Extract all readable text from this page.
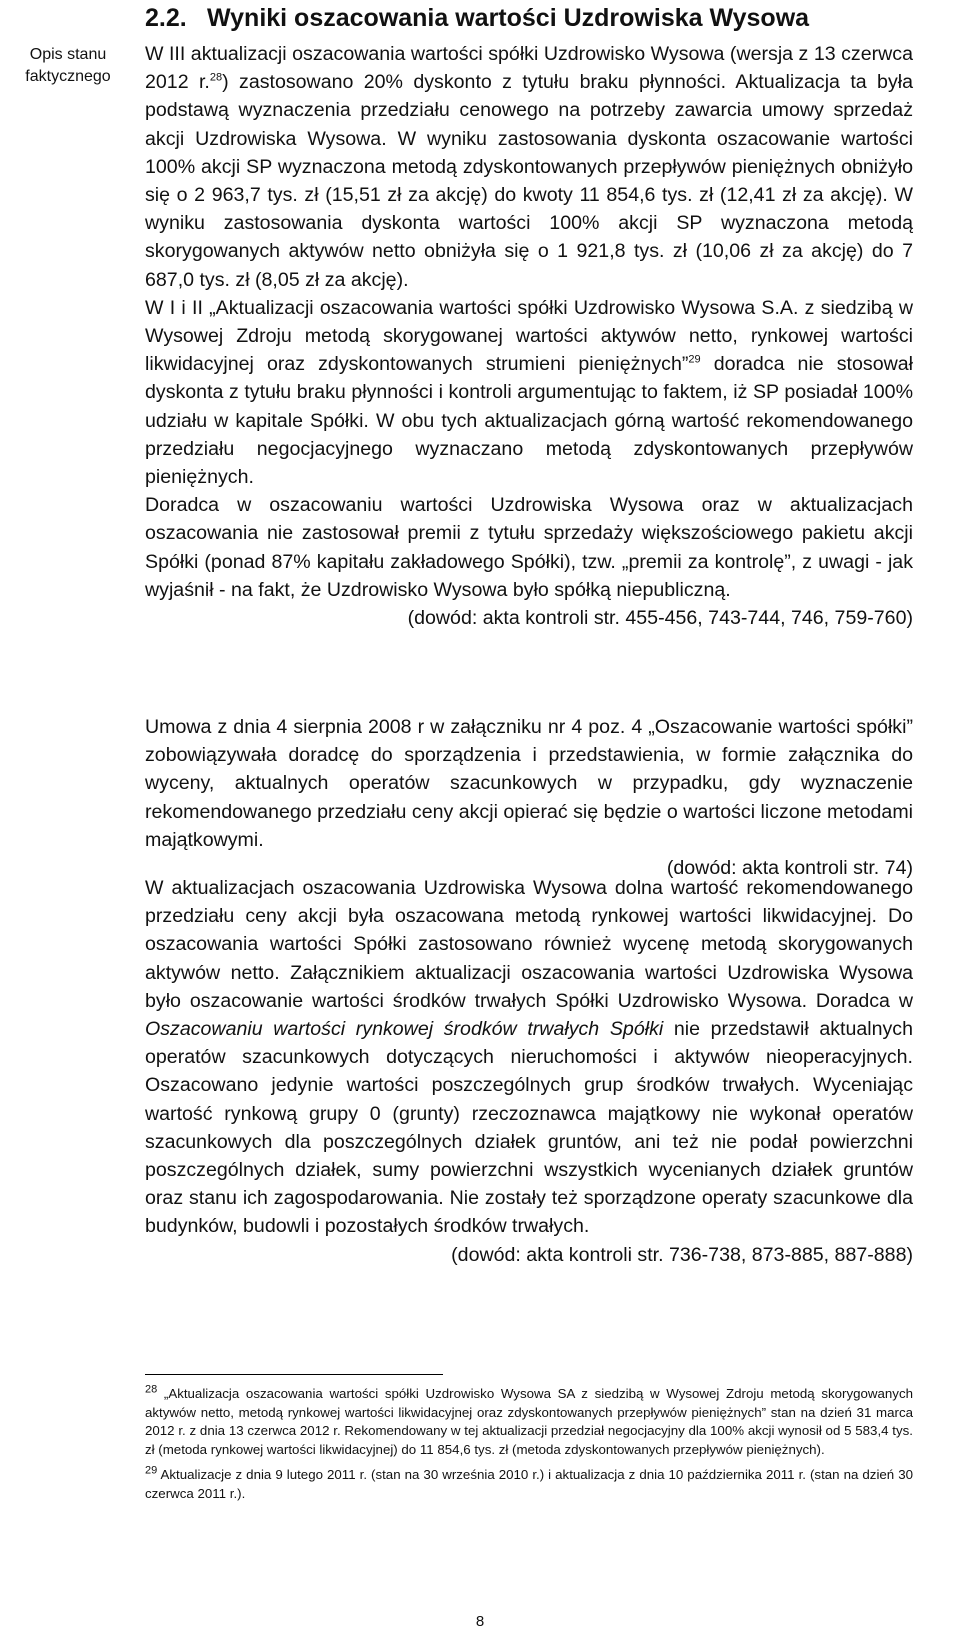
Opis stanu faktycznego
2.2. Wyniki oszacowania wartości Uzdrowiska Wysowa

W III aktualizacji oszacowania wartości spółki Uzdrowisko Wysowa (wersja z 13 czerwca 2012 r.$^{28}$) zastosowano 20% dyskonto z tytułu braku płynności. Aktualizacja ta była podstawą wyznaczenia przedziału cenowego na potrzeby zawarcia umowy sprzedaż akcji Uzdrowiska Wysowa. W wyniku zastosowania dyskonta oszacowanie wartości 100% akcji SP wyznaczona metodą zdyskontowanych przepływów pieniężnych obniżyło się o 2 963,7 tys. zł (15,51 zł za akcję) do kwoty 11 854,6 tys. zł (12,41 zł za akcję). W wyniku zastosowania dyskonta wartości 100% akcji SP wyznaczona metodą skorygowanych aktywów netto obniżyła się o 1 921,8 tys. zł (10,06 zł za akcję) do 7 687,0 tys. zł (8,05 zł za akcję).

W I i II „Aktualizacji oszacowania wartości spółki Uzdrowisko Wysowa S.A. z siedzibą w Wysowej Zdroju metodą skorygowanej wartości aktywów netto, rynkowej wartości likwidacyjnej oraz zdyskontowanych strumieni pieniężnych”$^{29}$ doradca nie stosował dyskonta z tytułu braku płynności i kontroli argumentując to faktem, iż SP posiadał 100% udziału w kapitale Spółki. W obu tych aktualizacjach górną wartość rekomendowanego przedziału negocjacyjnego wyznaczano metodą zdyskontowanych przepływów pieniężnych.

Doradca w oszacowaniu wartości Uzdrowiska Wysowa oraz w aktualizacjach oszacowania nie zastosował premii z tytułu sprzedaży większościowego pakietu akcji Spółki (ponad 87% kapitału zakładowego Spółki), tzw. „premii za kontrolę”, z uwagi - jak wyjaśnił - na fakt, że Uzdrowisko Wysowa było spółką niepubliczną.

(dowód: akta kontroli str. 455-456, 743-744, 746, 759-760)

Umowa z dnia 4 sierpnia 2008 r w załączniku nr 4 poz. 4 „Oszacowanie wartości spółki” zobowiązywała doradcę do sporządzenia i przedstawienia, w formie załącznika do wyceny, aktualnych operatów szacunkowych w przypadku, gdy wyznaczenie rekomendowanego przedziału ceny akcji opierać się będzie o wartości liczone metodami majątkowymi.

(dowód: akta kontroli str. 74)

W aktualizacjach oszacowania Uzdrowiska Wysowa dolna wartość rekomendowanego przedziału ceny akcji była oszacowana metodą rynkowej wartości likwidacyjnej. Do oszacowania wartości Spółki zastosowano również wycenę metodą skorygowanych aktywów netto. Załącznikiem aktualizacji oszacowania wartości Uzdrowiska Wysowa było oszacowanie wartości środków trwałych Spółki Uzdrowisko Wysowa. Doradca w Oszacowaniu wartości rynkowej środków trwałych Spółki nie przedstawił aktualnych operatów szacunkowych dotyczących nieruchomości i aktywów nieoperacyjnych. Oszacowano jedynie wartości poszczególnych grup środków trwałych. Wyceniając wartość rynkową grupy 0 (grunty) rzeczoznawca majątkowy nie wykonał operatów szacunkowych dla poszczególnych działek gruntów, ani też nie podał powierzchni poszczególnych działek, sumy powierzchni wszystkich wycenianych działek gruntów oraz stanu ich zagospodarowania. Nie zostały też sporządzone operaty szacunkowe dla budynków, budowli i pozostałych środków trwałych.

(dowód: akta kontroli str. 736-738, 873-885, 887-888)

$^{28}$ „Aktualizacja oszacowania wartości spółki Uzdrowisko Wysowa SA z siedzibą w Wysowej Zdroju metodą skorygowanych aktywów netto, metodą rynkowej wartości likwidacyjnej oraz zdyskontowanych przepływów pieniężnych” stan na dzień 31 marca 2012 r. z dnia 13 czerwca 2012 r. Rekomendowany w tej aktualizacji przedział negocjacyjny dla 100% akcji wynosił od 5 583,4 tys. zł (metoda rynkowej wartości likwidacyjnej) do 11 854,6 tys. zł (metoda zdyskontowanych przepływów pieniężnych).

$^{29}$ Aktualizacje z dnia 9 lutego 2011 r. (stan na 30 września 2010 r.) i aktualizacja z dnia 10 października 2011 r. (stan na dzień 30 czerwca 2011 r.).

8
